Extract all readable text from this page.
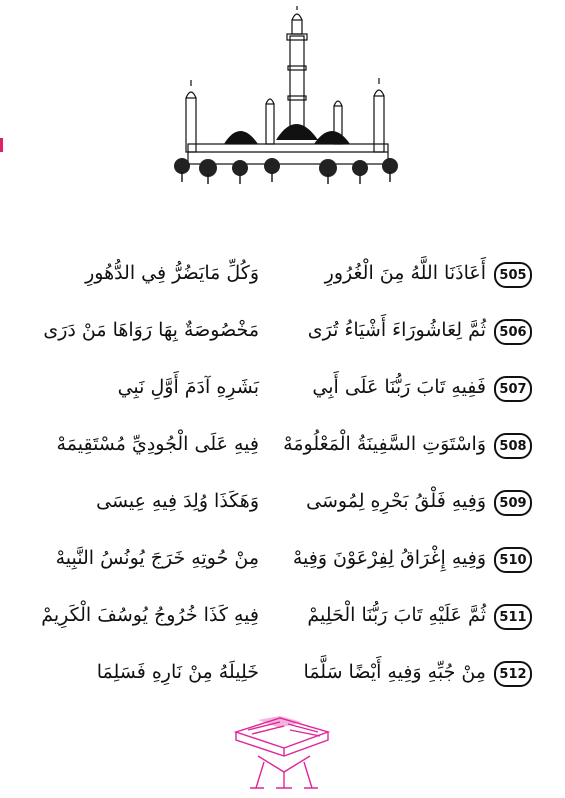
505
أَعَاذَنَا اللَّهُ مِنَ الْغُرُورِ
وَكُلِّ مَايَضُرُّ فِي الدُّهُورِ
506
ثُمَّ لِعَاشُورَاءَ أَشْيَاءُ تُرَى
مَخْصُوصَةٌ بِهَا رَوَاهَا مَنْ دَرَى
507
فَفِيهِ تَابَ رَبُّنَا عَلَى أَبِي
بَشَرِهِ آدَمَ أَوَّلِ نَبِي
508
وَاسْتَوَتِ السَّفِينَةُ الْمَعْلُومَهْ
فِيهِ عَلَى الْجُودِيِّ مُسْتَقِيمَهْ
509
وَفِيهِ فَلْقُ بَحْرِهِ لِمُوسَى
وَهَكَذَا وُلِدَ فِيهِ عِيسَى
510
وَفِيهِ إِغْرَاقُ لِفِرْعَوْنَ وَفِيهْ
مِنْ حُوتِهِ خَرَجَ يُونُسُ النَّبِيهْ
511
ثُمَّ عَلَيْهِ تَابَ رَبُّنَا الْحَلِيمْ
فِيهِ كَذَا خُرُوجُ يُوسُفَ الْكَرِيمْ
512
مِنْ جُبِّهِ وَفِيهِ أَيْضًا سَلَّمَا
خَلِيلَهُ مِنْ نَارِهِ فَسَلِمَا
